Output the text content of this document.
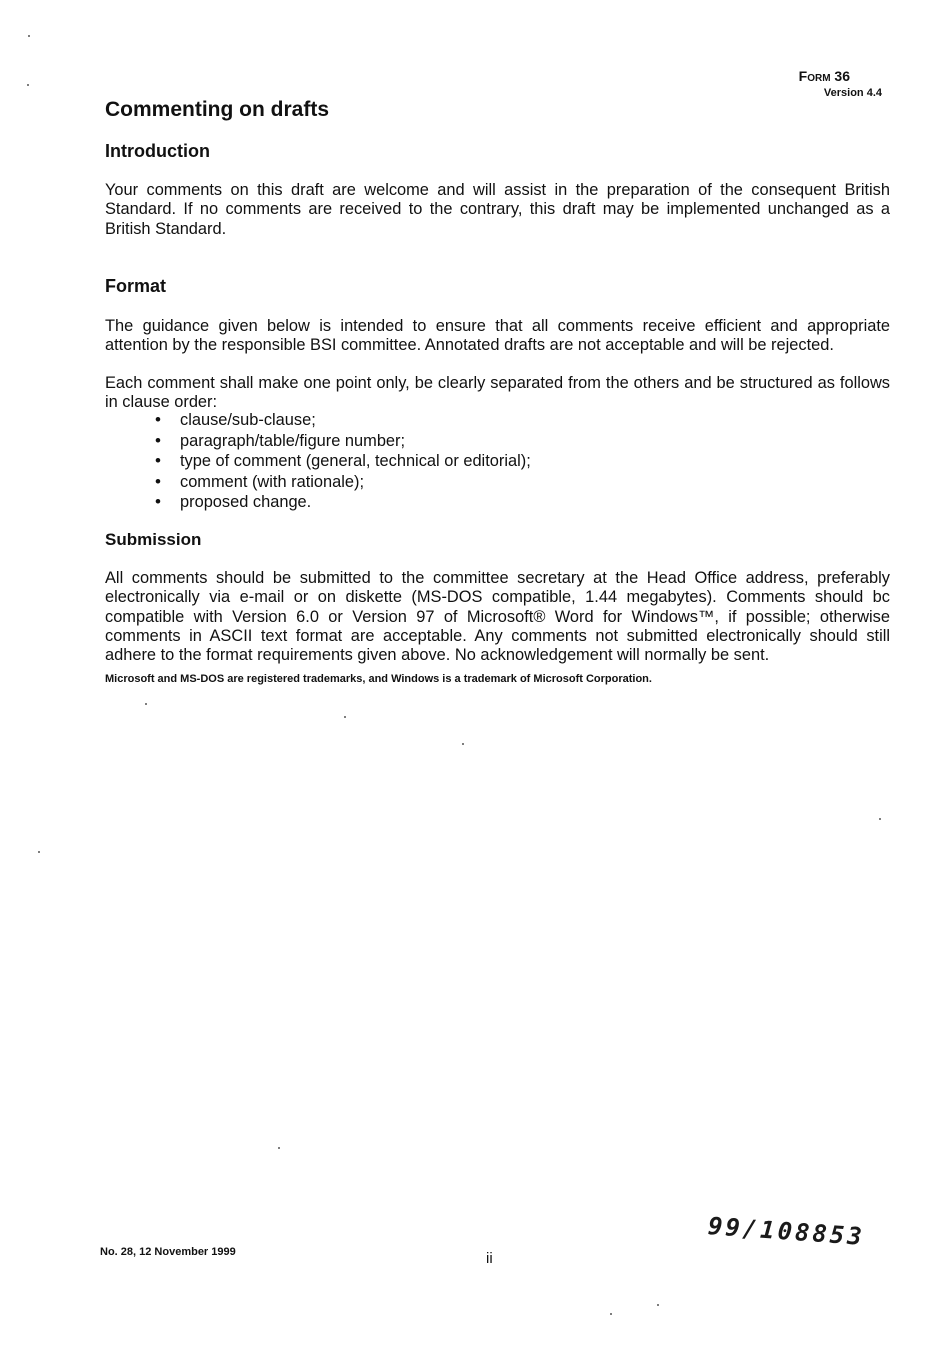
Form 36
Version 4.4
Commenting on drafts
Introduction

Your comments on this draft are welcome and will assist in the preparation of the consequent British Standard. If no comments are received to the contrary, this draft may be implemented unchanged as a British Standard.

Format

The guidance given below is intended to ensure that all comments receive efficient and appropriate attention by the responsible BSI committee. Annotated drafts are not acceptable and will be rejected.

Each comment shall make one point only, be clearly separated from the others and be structured as follows in clause order:

• clause/sub-clause;
• paragraph/table/figure number;
• type of comment (general, technical or editorial);
• comment (with rationale);
• proposed change.
Submission

All comments should be submitted to the committee secretary at the Head Office address, preferably electronically via e-mail or on diskette (MS-DOS compatible, 1.44 megabytes). Comments should bc compatible with Version 6.0 or Version 97 of Microsoft® Word for Windows™, if possible; otherwise comments in ASCII text format are acceptable. Any comments not submitted electronically should still adhere to the format requirements given above. No acknowledgement will normally be sent.

Microsoft and MS-DOS are registered trademarks, and Windows is a trademark of Microsoft Corporation.

No. 28, 12 November 1999	ii
99/108853
